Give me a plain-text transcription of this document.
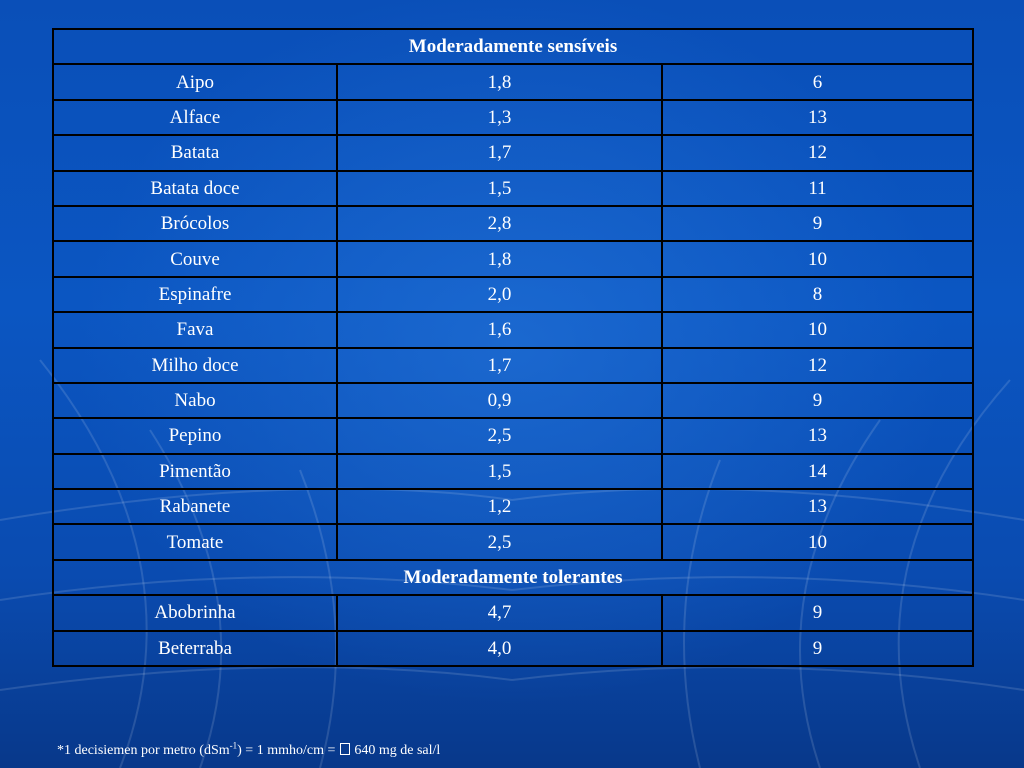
Moderadamente sensíveis		
Aipo	1,8	6
Alface	1,3	13
Batata	1,7	12
Batata doce	1,5	11
Brócolos	2,8	9
Couve	1,8	10
Espinafre	2,0	8
Fava	1,6	10
Milho doce	1,7	12
Nabo	0,9	9
Pepino	2,5	13
Pimentão	1,5	14
Rabanete	1,2	13
Tomate	2,5	10
Moderadamente tolerantes		
Abobrinha	4,7	9
Beterraba	4,0	9
*1 decisiemen por metro (dSm$^{-1}$) = 1 mmho/cm =  640 mg de sal/l
